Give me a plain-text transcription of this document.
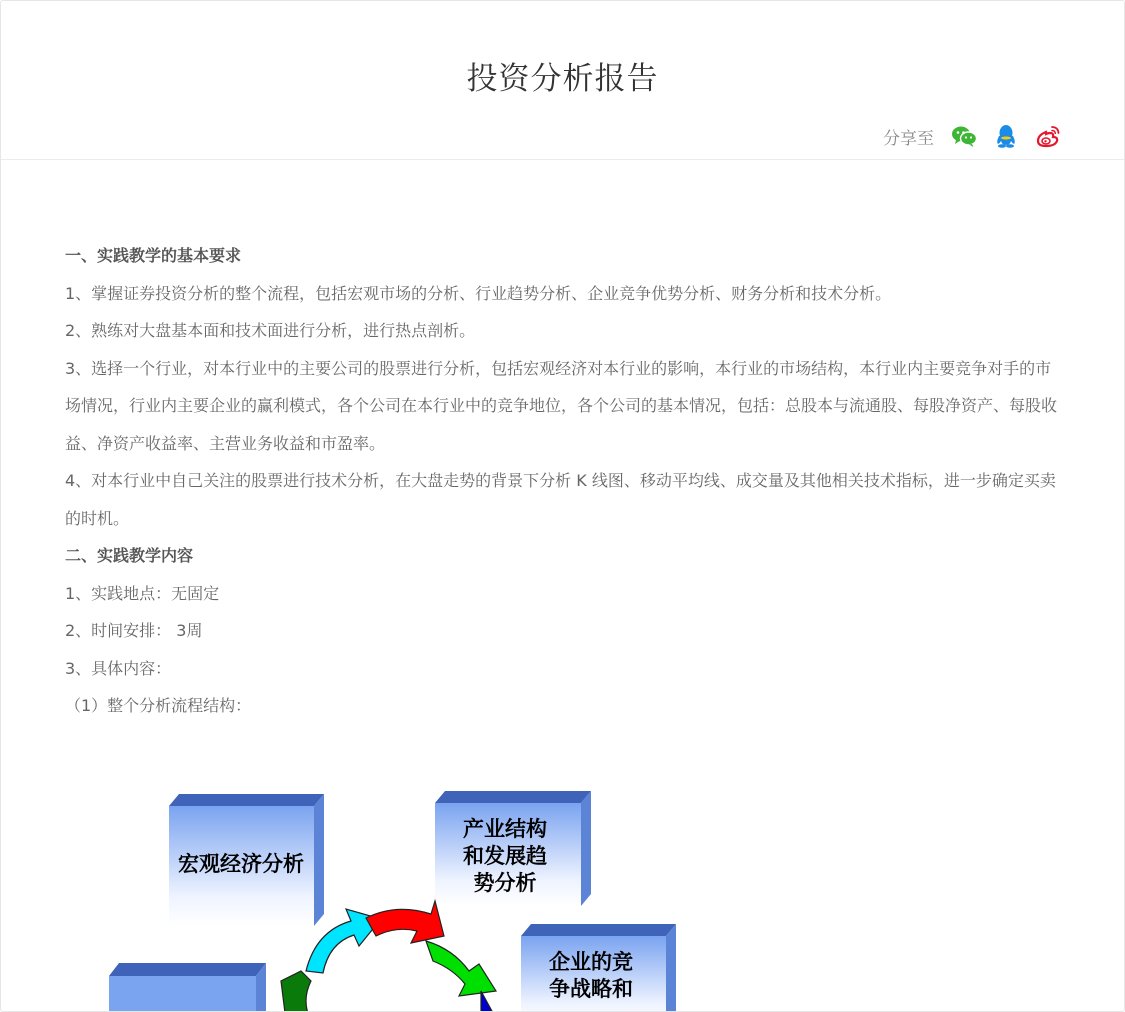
投资分析报告
分享至

一、实践教学的基本要求

1、掌握证券投资分析的整个流程，包括宏观市场的分析、行业趋势分析、企业竞争优势分析、财务分析和技术分析。

2、熟练对大盘基本面和技术面进行分析，进行热点剖析。

3、选择一个行业，对本行业中的主要公司的股票进行分析，包括宏观经济对本行业的影响，本行业的市场结构，本行业内主要竞争对手的市场情况，行业内主要企业的赢利模式，各个公司在本行业中的竞争地位，各个公司的基本情况，包括：总股本与流通股、每股净资产、每股收益、净资产收益率、主营业务收益和市盈率。

4、对本行业中自己关注的股票进行技术分析，在大盘走势的背景下分析 K 线图、移动平均线、成交量及其他相关技术指标，进一步确定买卖的时机。

二、实践教学内容

1、实践地点：无固定

2、时间安排： 3周

3、具体内容：

（1）整个分析流程结构：

宏观经济分析
产业结构
和发展趋
势分析
企业的竞
争战略和
